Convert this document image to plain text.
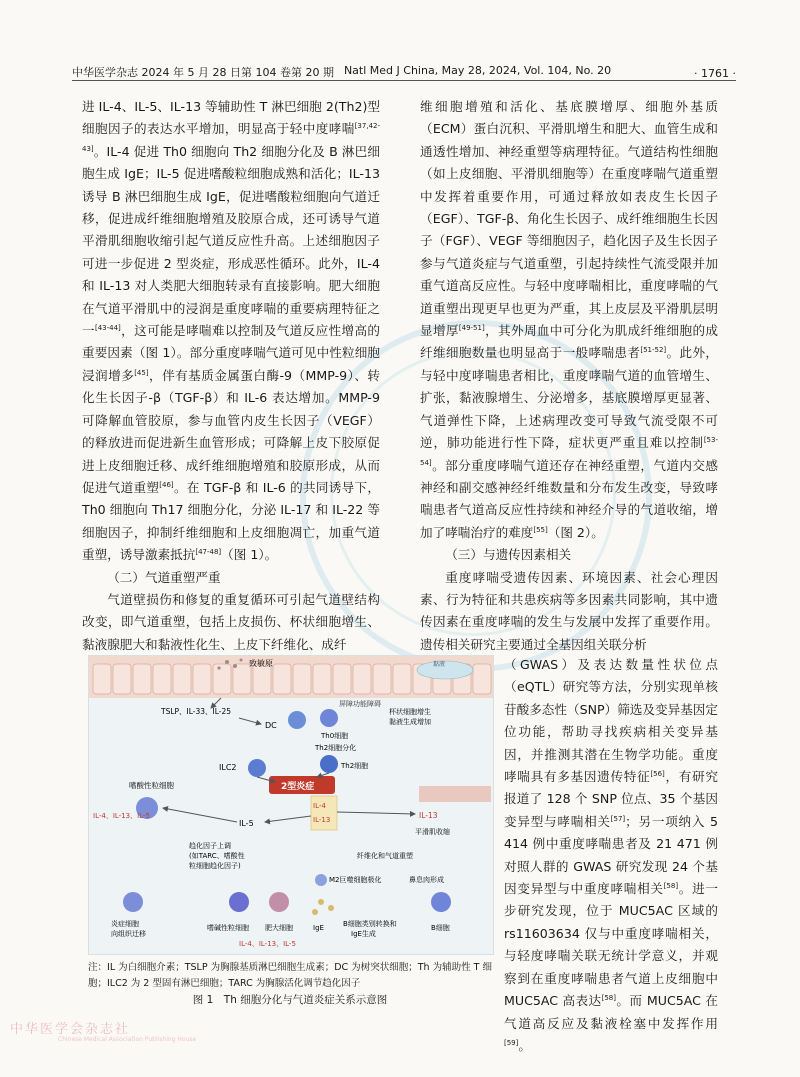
中华医学杂志 2024 年 5 月 28 日第 104 卷第 20 期 Natl Med J China, May 28, 2024, Vol. 104, No. 20	· 1761 ·

进 IL-4、IL-5、IL-13 等辅助性 T 淋巴细胞 2(Th2)型细胞因子的表达水平增加，明显高于轻中度哮喘[37,42-43]。IL-4 促进 Th0 细胞向 Th2 细胞分化及 B 淋巴细胞生成 IgE；IL-5 促进嗜酸粒细胞成熟和活化；IL-13 诱导 B 淋巴细胞生成 IgE，促进嗜酸粒细胞向气道迁移，促进成纤维细胞增殖及胶原合成，还可诱导气道平滑肌细胞收缩引起气道反应性升高。上述细胞因子可进一步促进 2 型炎症，形成恶性循环。此外，IL-4 和 IL-13 对人类肥大细胞转录有直接影响。肥大细胞在气道平滑肌中的浸润是重度哮喘的重要病理特征之一[43-44]，这可能是哮喘难以控制及气道反应性增高的重要因素（图 1）。部分重度哮喘气道可见中性粒细胞浸润增多[45]，伴有基质金属蛋白酶-9（MMP-9）、转化生长因子-β（TGF-β）和 IL-6 表达增加。MMP-9 可降解血管胶原，参与血管内皮生长因子（VEGF）的释放进而促进新生血管形成；可降解上皮下胶原促进上皮细胞迁移、成纤维细胞增殖和胶原形成，从而促进气道重塑[46]。在 TGF-β 和 IL-6 的共同诱导下，Th0 细胞向 Th17 细胞分化，分泌 IL-17 和 IL-22 等细胞因子，抑制纤维细胞和上皮细胞凋亡，加重气道重塑，诱导激素抵抗[47-48]（图 1）。

（二）气道重塑严重

气道壁损伤和修复的重复循环可引起气道壁结构改变，即气道重塑，包括上皮损伤、杯状细胞增生、黏液腺肥大和黏液性化生、上皮下纤维化、成纤

维细胞增殖和活化、基底膜增厚、细胞外基质（ECM）蛋白沉积、平滑肌增生和肥大、血管生成和通透性增加、神经重塑等病理特征。气道结构性细胞（如上皮细胞、平滑肌细胞等）在重度哮喘气道重塑中发挥着重要作用，可通过释放如表皮生长因子（EGF）、TGF-β、角化生长因子、成纤维细胞生长因子（FGF）、VEGF 等细胞因子，趋化因子及生长因子参与气道炎症与气道重塑，引起持续性气流受限并加重气道高反应性。与轻中度哮喘相比，重度哮喘的气道重塑出现更早也更为严重，其上皮层及平滑肌层明显增厚[49-51]，其外周血中可分化为肌成纤维细胞的成纤维细胞数量也明显高于一般哮喘患者[51-52]。此外，与轻中度哮喘患者相比，重度哮喘气道的血管增生、扩张，黏液腺增生、分泌增多，基底膜增厚更显著、气道弹性下降，上述病理改变可导致气流受限不可逆，肺功能进行性下降，症状更严重且难以控制[53-54]。部分重度哮喘气道还存在神经重塑，气道内交感神经和副交感神经纤维数量和分布发生改变，导致哮喘患者气道高反应性持续和神经介导的气道收缩，增加了哮喘治疗的难度[55]（图 2）。

（三）与遗传因素相关

重度哮喘受遗传因素、环境因素、社会心理因素、行为特征和共患疾病等多因素共同影响，其中遗传因素在重度哮喘的发生与发展中发挥了重要作用。遗传相关研究主要通过全基因组关联分析

（GWAS）及表达数量性状位点（eQTL）研究等方法，分别实现单核苷酸多态性（SNP）筛选及变异基因定位功能，帮助寻找疾病相关变异基因，并推测其潜在生物学功能。重度哮喘具有多基因遗传特征[56]，有研究报道了 128 个 SNP 位点、35 个基因变异型与哮喘相关[57]；另一项纳入 5 414 例中重度哮喘患者及 21 471 例对照人群的 GWAS 研究发现 24 个基因变异型与中重度哮喘相关[58]。进一步研究发现，位于 MUC5AC 区域的 rs11603634 仅与中重度哮喘相关，与轻度哮喘关联无统计学意义，并观察到在重度哮喘患者气道上皮细胞中 MUC5AC 高表达[58]。而 MUC5AC 在气道高反应及黏液栓塞中发挥作用[59]。

致敏原	黏液
TSLP、IL-33、IL-25
DC
Th0细胞
Th2细胞分化
屏障功能障碍
杯状细胞增生
黏液生成增加
Th2细胞
ILC2
2型炎症
嗜酸性粒细胞
IL-4、IL-13、IL-5
IL-5
IL-4
IL-13	IL-13
平滑肌收缩
纤维化和气道重塑
趋化因子上调
(如TARC、嗜酸性
粒细胞趋化因子)
M2巨噬细胞极化	鼻息肉形成
炎症细胞
向组织迁移
嗜碱性粒细胞 肥大细胞	IgE	B细胞类别转换和
IgE生成
B细胞
IL-4、IL-13、IL-5
注：IL 为白细胞介素；TSLP 为胸腺基质淋巴细胞生成素；DC 为树突状细胞；Th 为辅助性 T 细胞；ILC2 为 2 型固有淋巴细胞；TARC 为胸腺活化调节趋化因子
图 1　Th 细胞分化与气道炎症关系示意图
中华医学会杂志社
Chinese Medical Association Publishing House
